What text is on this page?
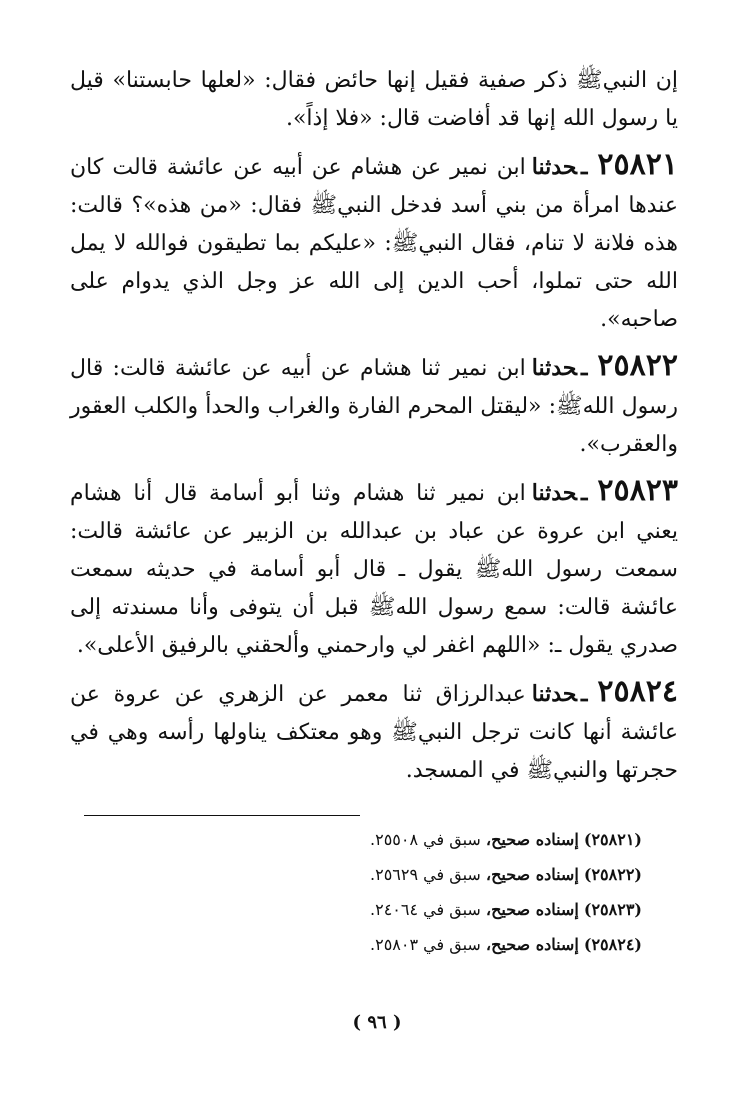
إن النبيﷺ ذكر صفية فقيل إنها حائض فقال: «لعلها حابستنا» قيل يا رسول الله إنها قد أفاضت قال: «فلا إذاً».

٢٥٨٢١ـحدثناابن نمير عن هشام عن أبيه عن عائشة قالت كان عندها امرأة من بني أسد فدخل النبيﷺ فقال: «من هذه»؟ قالت: هذه فلانة لا تنام، فقال النبيﷺ: «عليكم بما تطيقون فوالله لا يمل الله حتى تملوا، أحب الدين إلى الله عز وجل الذي يدوام على صاحبه».

٢٥٨٢٢ـحدثناابن نمير ثنا هشام عن أبيه عن عائشة قالت: قال رسول اللهﷺ: «ليقتل المحرم الفارة والغراب والحدأ والكلب العقور والعقرب».

٢٥٨٢٣ـحدثناابن نمير ثنا هشام وثنا أبو أسامة قال أنا هشام يعني ابن عروة عن عباد بن عبدالله بن الزبير عن عائشة قالت: سمعت رسول اللهﷺ يقول ـ قال أبو أسامة في حديثه سمعت عائشة قالت: سمع رسول اللهﷺ قبل أن يتوفى وأنا مسندته إلى صدري يقول ـ: «اللهم اغفر لي وارحمني وألحقني بالرفيق الأعلى».

٢٥٨٢٤ـحدثناعبدالرزاق ثنا معمر عن الزهري عن عروة عن عائشة أنها كانت ترجل النبيﷺ وهو معتكف يناولها رأسه وهي في حجرتها والنبيﷺ في المسجد.

(٢٥٨٢١) إسناده صحيح، سبق في ٢٥٥٠٨.

(٢٥٨٢٢) إسناده صحيح، سبق في ٢٥٦٢٩.

(٢٥٨٢٣) إسناده صحيح، سبق في ٢٤٠٦٤.

(٢٥٨٢٤) إسناده صحيح، سبق في ٢٥٨٠٣.

( ٩٦ )
